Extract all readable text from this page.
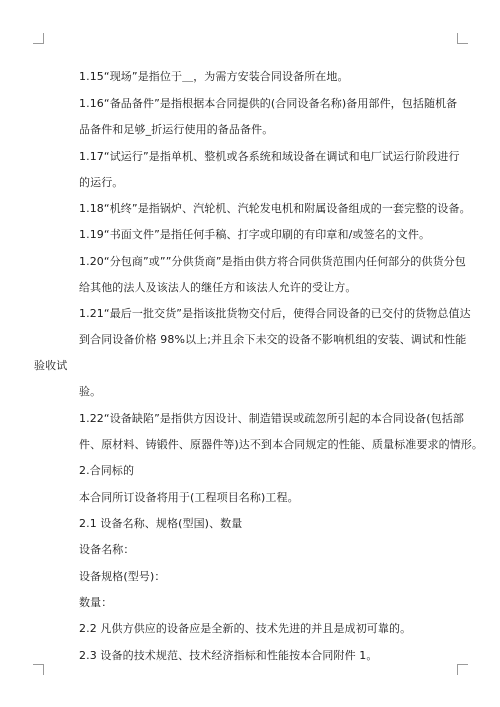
1.15“现场”是指位于＿，为需方安装合同设备所在地。
1.16“备品备件”是指根据本合同提供的(合同设备名称)备用部件，包括随机备
品备件和足够_折运行使用的备品备件。
1.17“试运行”是指单机、整机或各系统和域设备在调试和电厂试运行阶段进行
的运行。
1.18“机终”是指锅炉、汽轮机、汽轮发电机和附属设备组成的一套完整的设备。
1.19“书面文件”是指任何手稿、打字或印刷的有印章和/或签名的文件。
1.20“分包商”或””分供货商”是指由供方将合同供货范围内任何部分的供货分包
给其他的法人及该法人的继任方和该法人允许的受让方。
1.21“最后一批交货”是指该批货物交付后，使得合同设备的已交付的货物总值达
到合同设备价格 98%以上;并且余下未交的设备不影响机组的安装、调试和性能
验收试
验。
1.22“设备缺陷”是指供方因设计、制造错误或疏忽所引起的本合同设备(包括部
件、原材料、铸锻件、原器件等)达不到本合同规定的性能、质量标准要求的情形。
2.合同标的
本合同所订设备将用于(工程项目名称)工程。
2.1 设备名称、规格(型国)、数量
设备名称：
设备规格(型号)：
数量：
2.2 凡供方供应的设备应是全新的、技术先进的并且是成初可靠的。
2.3 设备的技术规范、技术经济指标和性能按本合同附件 1。
